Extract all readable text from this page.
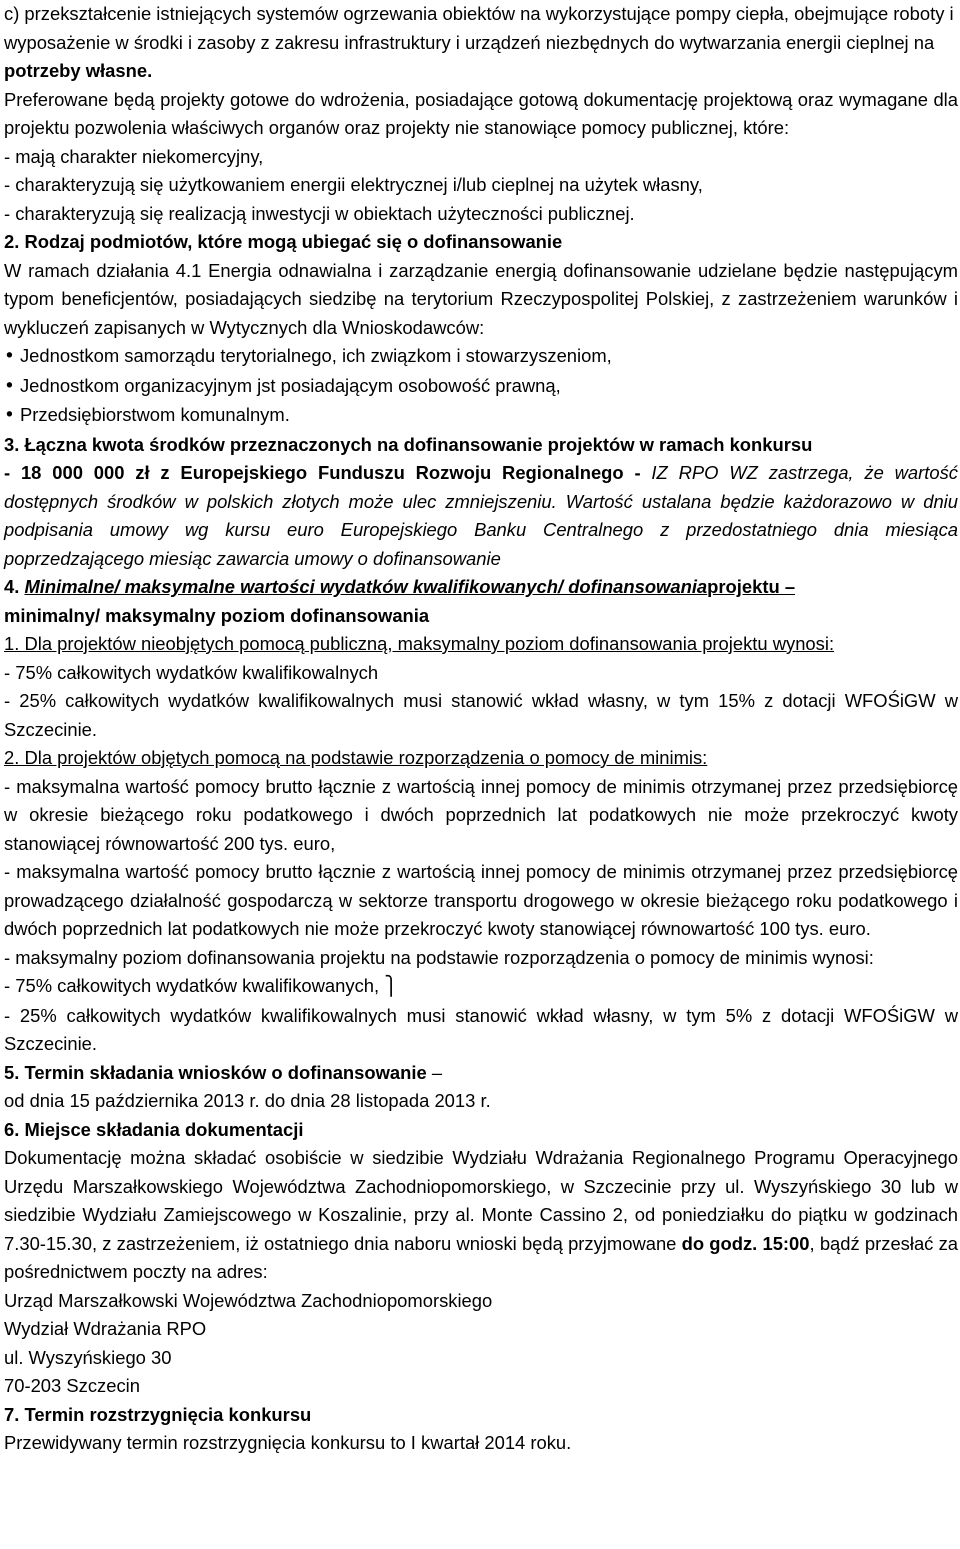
c) przekształcenie istniejących systemów ogrzewania obiektów na wykorzystujące pompy ciepła, obejmujące roboty i wyposażenie w środki i zasoby z zakresu infrastruktury i urządzeń niezbędnych do wytwarzania energii cieplnej na potrzeby własne.

Preferowane będą projekty gotowe do wdrożenia, posiadające gotową dokumentację projektową oraz wymagane dla projektu pozwolenia właściwych organów oraz projekty nie stanowiące pomocy publicznej, które:

- mają charakter niekomercyjny,

- charakteryzują się użytkowaniem energii elektrycznej i/lub cieplnej na użytek własny,

- charakteryzują się realizacją inwestycji w obiektach użyteczności publicznej.

2. Rodzaj podmiotów, które mogą ubiegać się o dofinansowanie

W ramach działania 4.1 Energia odnawialna i zarządzanie energią dofinansowanie udzielane będzie następującym typom beneficjentów, posiadających siedzibę na terytorium Rzeczypospolitej Polskiej, z zastrzeżeniem warunków i wykluczeń zapisanych w Wytycznych dla Wnioskodawców:

• Jednostkom samorządu terytorialnego, ich związkom i stowarzyszeniom,

• Jednostkom organizacyjnym jst posiadającym osobowość prawną,

• Przedsiębiorstwom komunalnym.

3. Łączna kwota środków przeznaczonych na dofinansowanie projektów w ramach konkursu

- 18 000 000 zł z Europejskiego Funduszu Rozwoju Regionalnego - IZ RPO WZ zastrzega, że wartość dostępnych środków w polskich złotych może ulec zmniejszeniu. Wartość ustalana będzie każdorazowo w dniu podpisania umowy wg kursu euro Europejskiego Banku Centralnego z przedostatniego dnia miesiąca poprzedzającego miesiąc zawarcia umowy o dofinansowanie

4. Minimalne/ maksymalne wartości wydatków kwalifikowanych/ dofinansowaniaprojektu –

minimalny/ maksymalny poziom dofinansowania

1. Dla projektów nieobjętych pomocą publiczną, maksymalny poziom dofinansowania projektu wynosi:

- 75% całkowitych wydatków kwalifikowalnych

- 25% całkowitych wydatków kwalifikowalnych musi stanowić wkład własny, w tym 15% z dotacji WFOŚiGW w Szczecinie.

2. Dla projektów objętych pomocą na podstawie rozporządzenia o pomocy de minimis:

- maksymalna wartość pomocy brutto łącznie z wartością innej pomocy de minimis otrzymanej przez przedsiębiorcę w okresie bieżącego roku podatkowego i dwóch poprzednich lat podatkowych nie może przekroczyć kwoty stanowiącej równowartość 200 tys. euro,

- maksymalna wartość pomocy brutto łącznie z wartością innej pomocy de minimis otrzymanej przez przedsiębiorcę prowadzącego działalność gospodarczą w sektorze transportu drogowego w okresie bieżącego roku podatkowego i dwóch poprzednich lat podatkowych nie może przekroczyć kwoty stanowiącej równowartość 100 tys. euro.

- maksymalny poziom dofinansowania projektu na podstawie rozporządzenia o pomocy de minimis wynosi:

- 75% całkowitych wydatków kwalifikowanych, ⎫

- 25% całkowitych wydatków kwalifikowalnych musi stanowić wkład własny, w tym 5% z dotacji WFOŚiGW w Szczecinie.

5. Termin składania wniosków o dofinansowanie –

od dnia 15 października 2013 r. do dnia 28 listopada 2013 r.

6. Miejsce składania dokumentacji

Dokumentację można składać osobiście w siedzibie Wydziału Wdrażania Regionalnego Programu Operacyjnego Urzędu Marszałkowskiego Województwa Zachodniopomorskiego, w Szczecinie przy ul. Wyszyńskiego 30 lub w siedzibie Wydziału Zamiejscowego w Koszalinie, przy al. Monte Cassino 2, od poniedziałku do piątku w godzinach 7.30-15.30, z zastrzeżeniem, iż ostatniego dnia naboru wnioski będą przyjmowane do godz. 15:00, bądź przesłać za pośrednictwem poczty na adres:

Urząd Marszałkowski Województwa Zachodniopomorskiego

Wydział Wdrażania RPO

ul. Wyszyńskiego 30

70-203 Szczecin

7. Termin rozstrzygnięcia konkursu

Przewidywany termin rozstrzygnięcia konkursu to I kwartał 2014 roku.
